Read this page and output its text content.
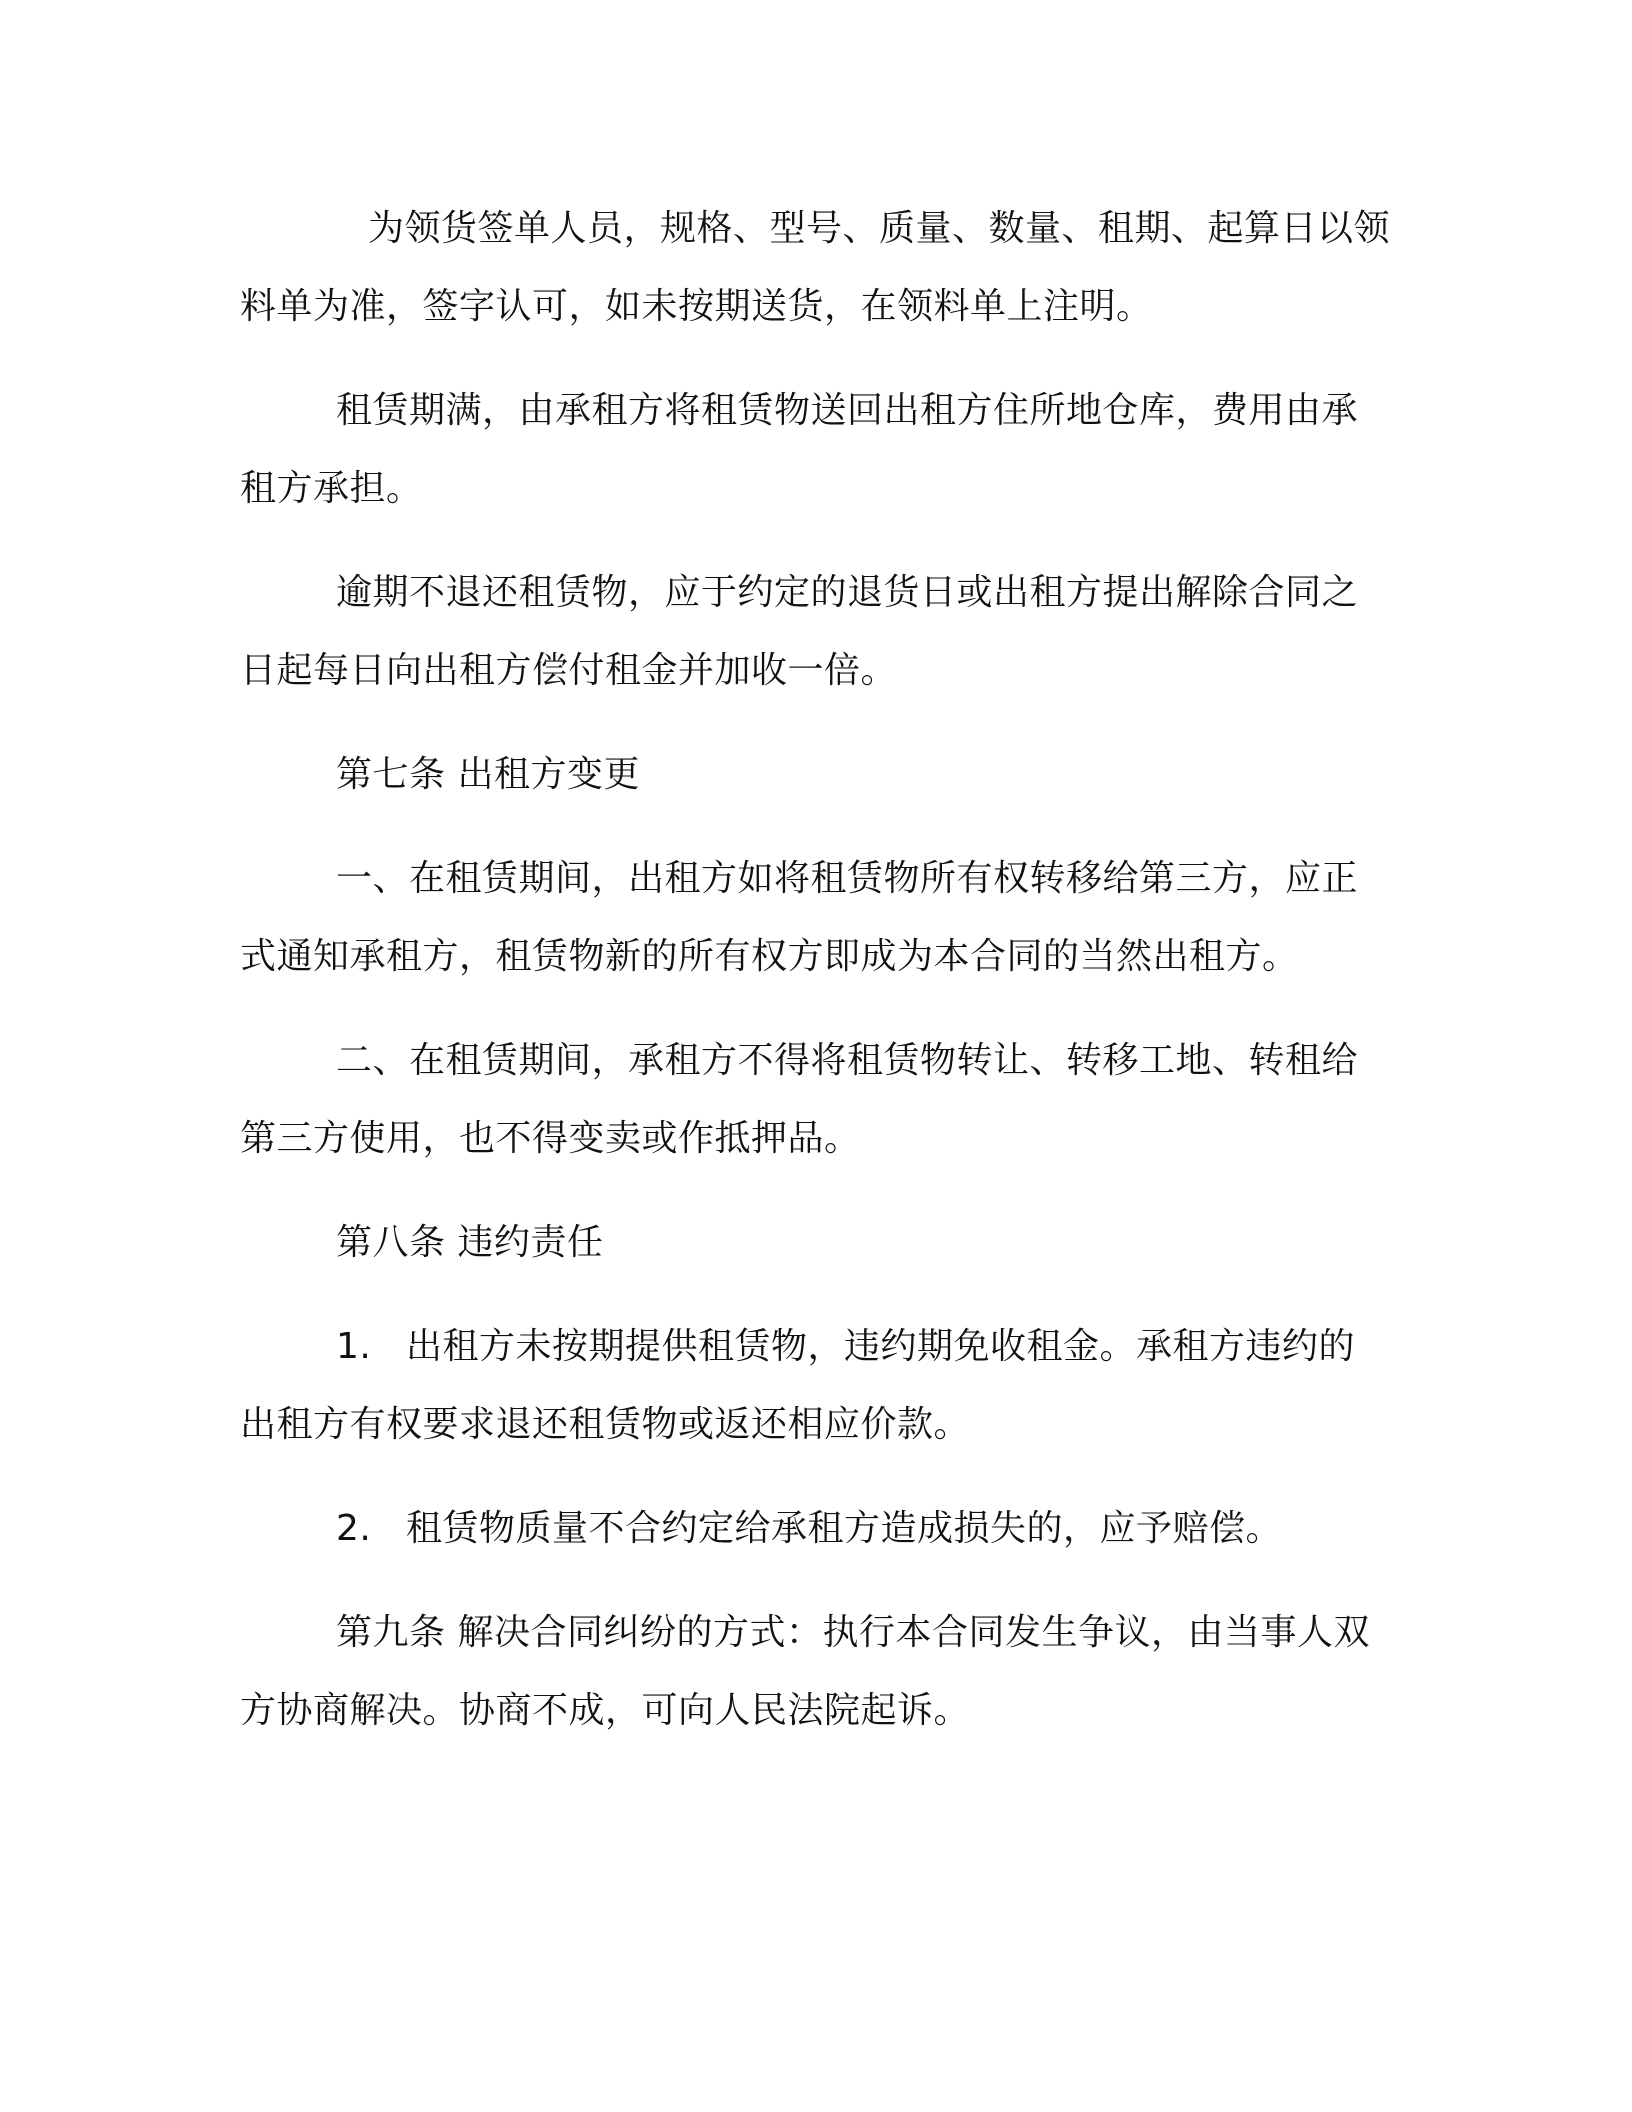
为领货签单人员，规格、型号、质量、数量、租期、起算日以领料单为准，签字认可，如未按期送货，在领料单上注明。

租赁期满，由承租方将租赁物送回出租方住所地仓库，费用由承租方承担。

逾期不退还租赁物，应于约定的退货日或出租方提出解除合同之日起每日向出租方偿付租金并加收一倍。

第七条 出租方变更

一、在租赁期间，出租方如将租赁物所有权转移给第三方，应正式通知承租方，租赁物新的所有权方即成为本合同的当然出租方。

二、在租赁期间，承租方不得将租赁物转让、转移工地、转租给第三方使用，也不得变卖或作抵押品。

第八条 违约责任

1. 出租方未按期提供租赁物，违约期免收租金。承租方违约的出租方有权要求退还租赁物或返还相应价款。

2. 租赁物质量不合约定给承租方造成损失的，应予赔偿。

第九条 解决合同纠纷的方式：执行本合同发生争议，由当事人双方协商解决。协商不成，可向人民法院起诉。
